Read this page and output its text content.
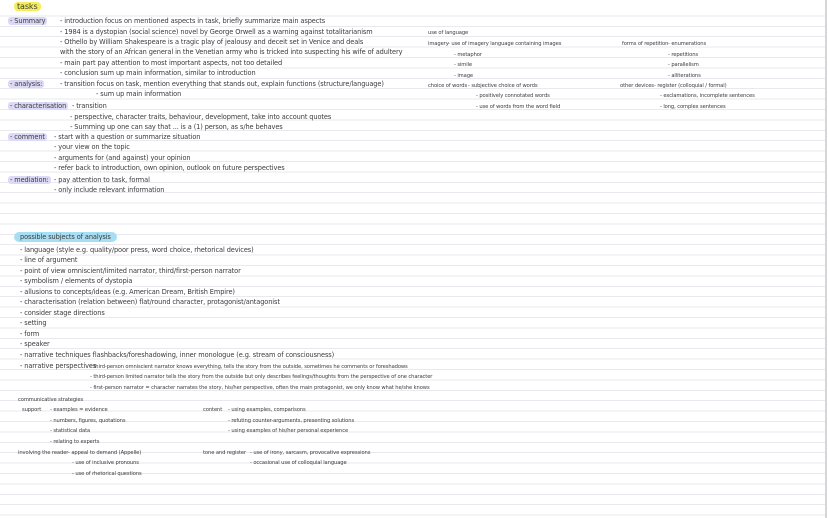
tasks
- Summary	- introduction focus on mentioned aspects in task, briefly summarize main aspects
- 1984 is a dystopian (social science) novel by George Orwell as a warning against totalitarianism
- Othello by William Shakespeare is a tragic play of jealousy and deceit set in Venice and deals
with the story of an African general in the Venetian army who is tricked into suspecting his wife of adultery
- main part pay attention to most important aspects, not too detailed
- conclusion sum up main information, similar to introduction
- analysis:	- transition focus on task, mention everything that stands out, explain functions (structure/language)
- sum up main information
- characterisation - transition
- perspective, character traits, behaviour, development, take into account quotes
- Summing up one can say that ... is a (1) person, as s/he behaves
- comment	- start with a question or summarize situation
- your view on the topic
- arguments for (and against) your opinion
- refer back to introduction, own opinion, outlook on future perspectives
- mediation: - pay attention to task, formal
- only include relevant information
possible subjects of analysis
- language (style e.g. quality/poor press, word choice, rhetorical devices)
- line of argument
- point of view omniscient/limited narrator, third/first-person narrator
- symbolism / elements of dystopia
- allusions to concepts/ideas (e.g. American Dream, British Empire)
- characterisation (relation between) flat/round character, protagonist/antagonist
- consider stage directions
- setting
- form
- speaker
- narrative techniques flashbacks/foreshadowing, inner monologue (e.g. stream of consciousness)
- narrative perspectives
- third-person omniscient narrator knows everything, tells the story from the outside, sometimes he comments or foreshadows
- third-person limited narrator tells the story from the outside but only describes feelings/thoughts from the perspective of one character
- first-person narrator = character narrates the story, his/her perspective, often the main protagonist, we only know what he/she knows
communicative strategies
support - examples = evidence
- numbers, figures, quotations
- statistical data
- relating to experts
involving the reader - appeal to demand (Appelle)
- use of inclusive pronouns
- use of rhetorical questions
content - using examples, comparisons
- refuting counter-arguments, presenting solutions
- using examples of his/her personal experience
tone and register - use of irony, sarcasm, provocative expressions
- occasional use of colloquial language
use of language
imagery - use of imagery language containing images
- metaphor
- simile
- image
choice of words - subjective choice of words
- positively connotated words
- use of words from the word field
forms of repetition - enumerations
- repetitions
- parallelism
- alliterations
other devices - register (colloquial / formal)
- exclamations, incomplete sentences
- long, complex sentences
